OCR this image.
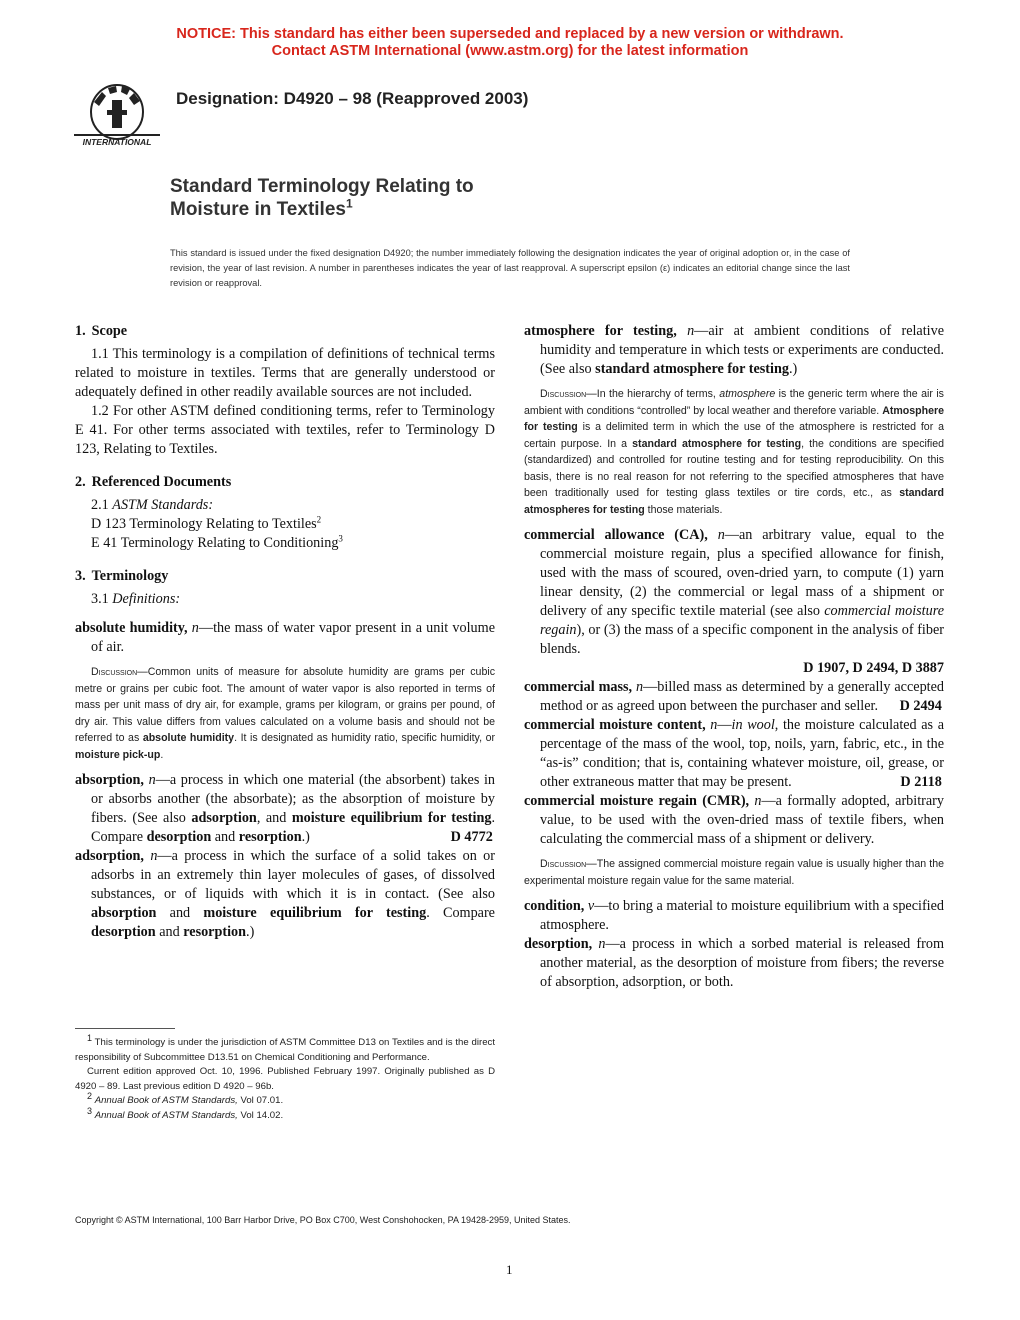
NOTICE: This standard has either been superseded and replaced by a new version or withdrawn.
Contact ASTM International (www.astm.org) for the latest information
INTERNATIONAL
Designation: D4920 – 98 (Reapproved 2003)
Standard Terminology Relating to
Moisture in Textiles$^1$
This standard is issued under the fixed designation D4920; the number immediately following the designation indicates the year of original adoption or, in the case of revision, the year of last revision. A number in parentheses indicates the year of last reapproval. A superscript epsilon (ε) indicates an editorial change since the last revision or reapproval.

1. Scope

1.1 This terminology is a compilation of definitions of technical terms related to moisture in textiles. Terms that are generally understood or adequately defined in other readily available sources are not included.

1.2 For other ASTM defined conditioning terms, refer to Terminology E 41. For other terms associated with textiles, refer to Terminology D 123, Relating to Textiles.

2. Referenced Documents

2.1 ASTM Standards:

D 123 Terminology Relating to Textiles$^2$

E 41 Terminology Relating to Conditioning$^3$

3. Terminology

3.1 Definitions:

absolute humidity, n—the mass of water vapor present in a unit volume of air.

Discussion—Common units of measure for absolute humidity are grams per cubic metre or grains per cubic foot. The amount of water vapor is also reported in terms of mass per unit mass of dry air, for example, grams per kilogram, or grains per pound, of dry air. This value differs from values calculated on a volume basis and should not be referred to as absolute humidity. It is designated as humidity ratio, specific humidity, or moisture pick-up.

absorption, n—a process in which one material (the absorbent) takes in or absorbs another (the absorbate); as the absorption of moisture by fibers. (See also adsorption, and moisture equilibrium for testing. Compare desorption and resorption.)	D 4772

adsorption, n—a process in which the surface of a solid takes on or adsorbs in an extremely thin layer molecules of gases, of dissolved substances, or of liquids with which it is in contact. (See also absorption and moisture equilibrium for testing. Compare desorption and resorption.)

$^1$ This terminology is under the jurisdiction of ASTM Committee D13 on Textiles and is the direct responsibility of Subcommittee D13.51 on Chemical Conditioning and Performance.

Current edition approved Oct. 10, 1996. Published February 1997. Originally published as D 4920 – 89. Last previous edition D 4920 – 96b.

$^2$ Annual Book of ASTM Standards, Vol 07.01.

$^3$ Annual Book of ASTM Standards, Vol 14.02.

atmosphere for testing, n—air at ambient conditions of relative humidity and temperature in which tests or experiments are conducted. (See also standard atmosphere for testing.)

Discussion—In the hierarchy of terms, atmosphere is the generic term where the air is ambient with conditions “controlled” by local weather and therefore variable. Atmosphere for testing is a delimited term in which the use of the atmosphere is restricted for a certain purpose. In a standard atmosphere for testing, the conditions are specified (standardized) and controlled for routine testing and for testing reproducibility. On this basis, there is no real reason for not referring to the specified atmospheres that have been traditionally used for testing glass textiles or tire cords, etc., as standard atmospheres for testing those materials.

commercial allowance (CA), n—an arbitrary value, equal to the commercial moisture regain, plus a specified allowance for finish, used with the mass of scoured, oven-dried yarn, to compute (1) yarn linear density, (2) the commercial or legal mass of a shipment or delivery of any specific textile material (see also commercial moisture regain), or (3) the mass of a specific component in the analysis of fiber blends.

D 1907, D 2494, D 3887

commercial mass, n—billed mass as determined by a generally accepted method or as agreed upon between the purchaser and seller. D 2494

commercial moisture content, n—in wool, the moisture calculated as a percentage of the mass of the wool, top, noils, yarn, fabric, etc., in the “as-is” condition; that is, containing whatever moisture, oil, grease, or other extraneous matter that may be present.	D 2118

commercial moisture regain (CMR), n—a formally adopted, arbitrary value, to be used with the oven-dried mass of textile fibers, when calculating the commercial mass of a shipment or delivery.

Discussion—The assigned commercial moisture regain value is usually higher than the experimental moisture regain value for the same material.

condition, v—to bring a material to moisture equilibrium with a specified atmosphere.

desorption, n—a process in which a sorbed material is released from another material, as the desorption of moisture from fibers; the reverse of absorption, adsorption, or both.

Copyright © ASTM International, 100 Barr Harbor Drive, PO Box C700, West Conshohocken, PA 19428-2959, United States.
1
